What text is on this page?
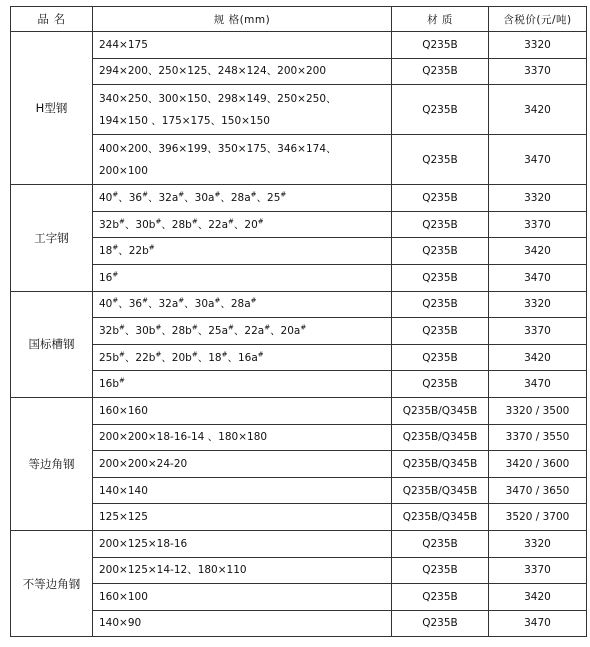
品 名	规 格(mm)	材 质	含税价(元/吨)
H型钢	244×175	Q235B	3320

	294×200、250×125、248×124、200×200	Q235B	3370

	340×250、300×150、298×149、250×250、
194×150 、175×175、150×150	Q235B	3420

	400×200、396×199、350×175、346×174、
200×100	Q235B	3470
工字钢	40#、36#、32a#、30a#、28a#、25#	Q235B	3320

	32b#、30b#、28b#、22a#、20#	Q235B	3370

	18#、22b#	Q235B	3420

	16#	Q235B	3470
国标槽钢	40#、36#、32a#、30a#、28a#	Q235B	3320

	32b#、30b#、28b#、25a#、22a#、20a#	Q235B	3370

	25b#、22b#、20b#、18#、16a#	Q235B	3420

	16b#	Q235B	3470
等边角钢	160×160	Q235B/Q345B	3320 / 3500

	200×200×18-16-14 、180×180	Q235B/Q345B	3370 / 3550

	200×200×24-20	Q235B/Q345B	3420 / 3600

	140×140	Q235B/Q345B	3470 / 3650

	125×125	Q235B/Q345B	3520 / 3700
不等边角钢	200×125×18-16	Q235B	3320

	200×125×14-12、180×110	Q235B	3370

	160×100	Q235B	3420

	140×90	Q235B	3470
